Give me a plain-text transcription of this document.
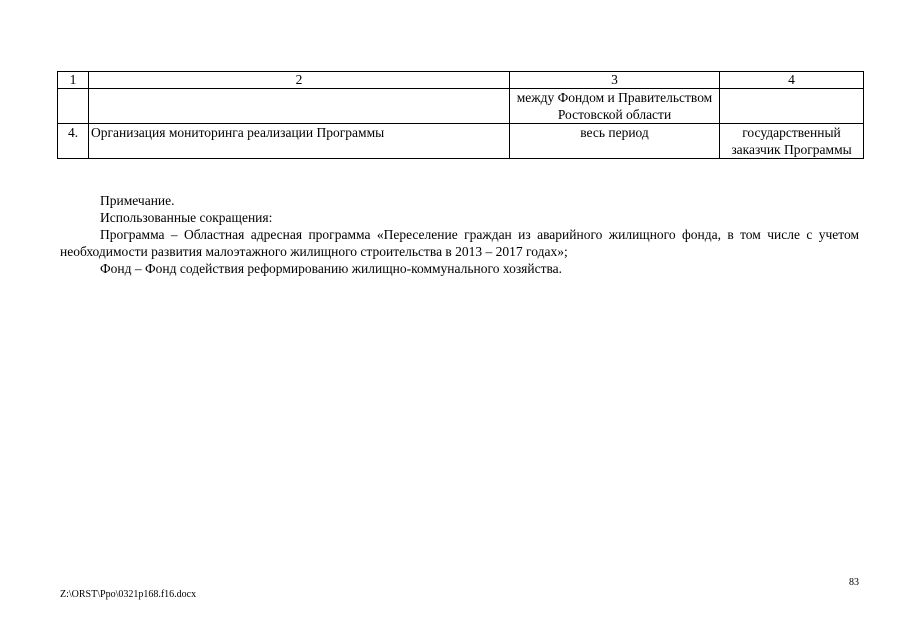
1	2	3	4
		между Фондом и Правительством Ростовской области	
4.	Организация мониторинга реализации Программы	весь период	государственный заказчик Программы

Примечание.

Использованные сокращения:

Программа – Областная адресная программа «Переселение граждан из аварийного жилищного фонда, в том числе с учетом необходимости развития малоэтажного жилищного строительства в 2013 – 2017 годах»;

Фонд – Фонд содействия реформированию жилищно-коммунального хозяйства.

83
Z:\ORST\Ppo\0321p168.f16.docx
